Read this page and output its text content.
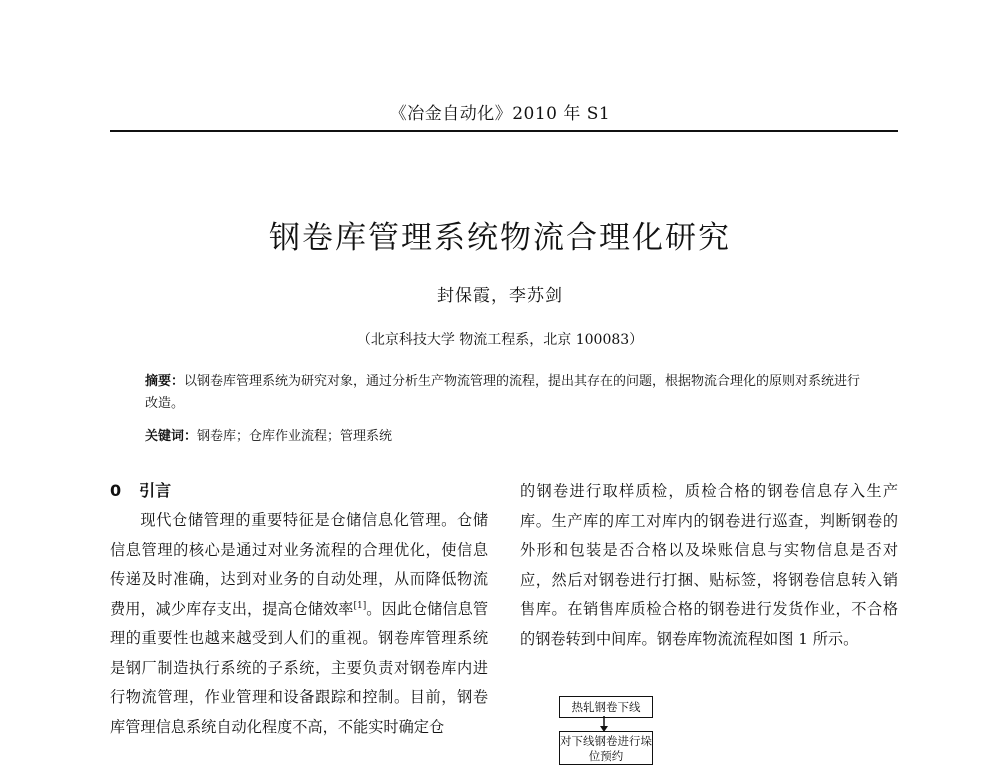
《冶金自动化》2010 年 S1
钢卷库管理系统物流合理化研究
封保霞，李苏剑
（北京科技大学 物流工程系，北京 100083）
摘要：以钢卷库管理系统为研究对象，通过分析生产物流管理的流程，提出其存在的问题，根据物流合理化的原则对系统进行改造。
关键词：钢卷库；仓库作业流程；管理系统
0 引言

现代仓储管理的重要特征是仓储信息化管理。仓储信息管理的核心是通过对业务流程的合理优化，使信息传递及时准确，达到对业务的自动处理，从而降低物流费用，减少库存支出，提高仓储效率[1]。因此仓储信息管理的重要性也越来越受到人们的重视。钢卷库管理系统是钢厂制造执行系统的子系统，主要负责对钢卷库内进行物流管理，作业管理和设备跟踪和控制。目前，钢卷库管理信息系统自动化程度不高，不能实时确定仓

的钢卷进行取样质检，质检合格的钢卷信息存入生产库。生产库的库工对库内的钢卷进行巡查，判断钢卷的外形和包装是否合格以及垛账信息与实物信息是否对应，然后对钢卷进行打捆、贴标签，将钢卷信息转入销售库。在销售库质检合格的钢卷进行发货作业，不合格的钢卷转到中间库。钢卷库物流流程如图 1 所示。

热轧钢卷下线
对下线钢卷进行垛位预约
